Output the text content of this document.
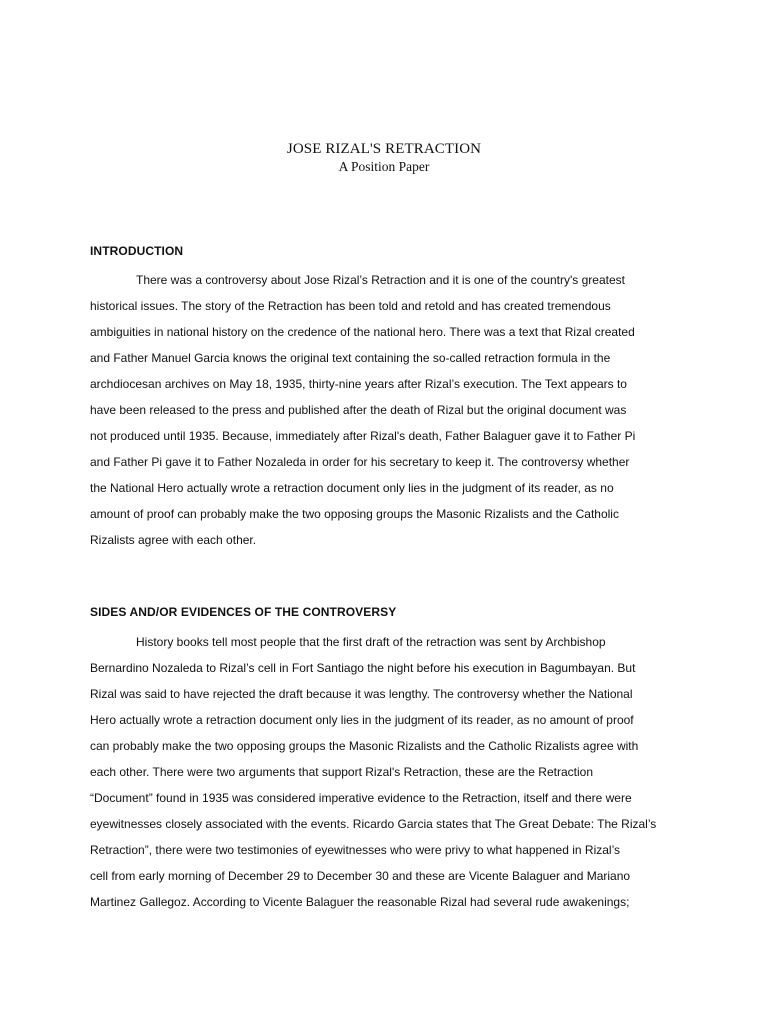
JOSE RIZAL'S RETRACTION
A Position Paper
INTRODUCTION
There was a controversy about Jose Rizal’s Retraction and it is one of the country's greatest
historical issues. The story of the Retraction has been told and retold and has created tremendous
ambiguities in national history on the credence of the national hero. There was a text that Rizal created
and Father Manuel Garcia knows the original text containing the so-called retraction formula in the
archdiocesan archives on May 18, 1935, thirty-nine years after Rizal’s execution. The Text appears to
have been released to the press and published after the death of Rizal but the original document was
not produced until 1935. Because, immediately after Rizal's death, Father Balaguer gave it to Father Pi
and Father Pi gave it to Father Nozaleda in order for his secretary to keep it. The controversy whether
the National Hero actually wrote a retraction document only lies in the judgment of its reader, as no
amount of proof can probably make the two opposing groups the Masonic Rizalists and the Catholic
Rizalists agree with each other.
SIDES AND/OR EVIDENCES OF THE CONTROVERSY
History books tell most people that the first draft of the retraction was sent by Archbishop
Bernardino Nozaleda to Rizal’s cell in Fort Santiago the night before his execution in Bagumbayan. But
Rizal was said to have rejected the draft because it was lengthy. The controversy whether the National
Hero actually wrote a retraction document only lies in the judgment of its reader, as no amount of proof
can probably make the two opposing groups the Masonic Rizalists and the Catholic Rizalists agree with
each other. There were two arguments that support Rizal's Retraction, these are the Retraction
“Document” found in 1935 was considered imperative evidence to the Retraction, itself and there were
eyewitnesses closely associated with the events. Ricardo Garcia states that The Great Debate: The Rizal’s
Retraction”, there were two testimonies of eyewitnesses who were privy to what happened in Rizal’s
cell from early morning of December 29 to December 30 and these are Vicente Balaguer and Mariano
Martinez Gallegoz. According to Vicente Balaguer the reasonable Rizal had several rude awakenings;
